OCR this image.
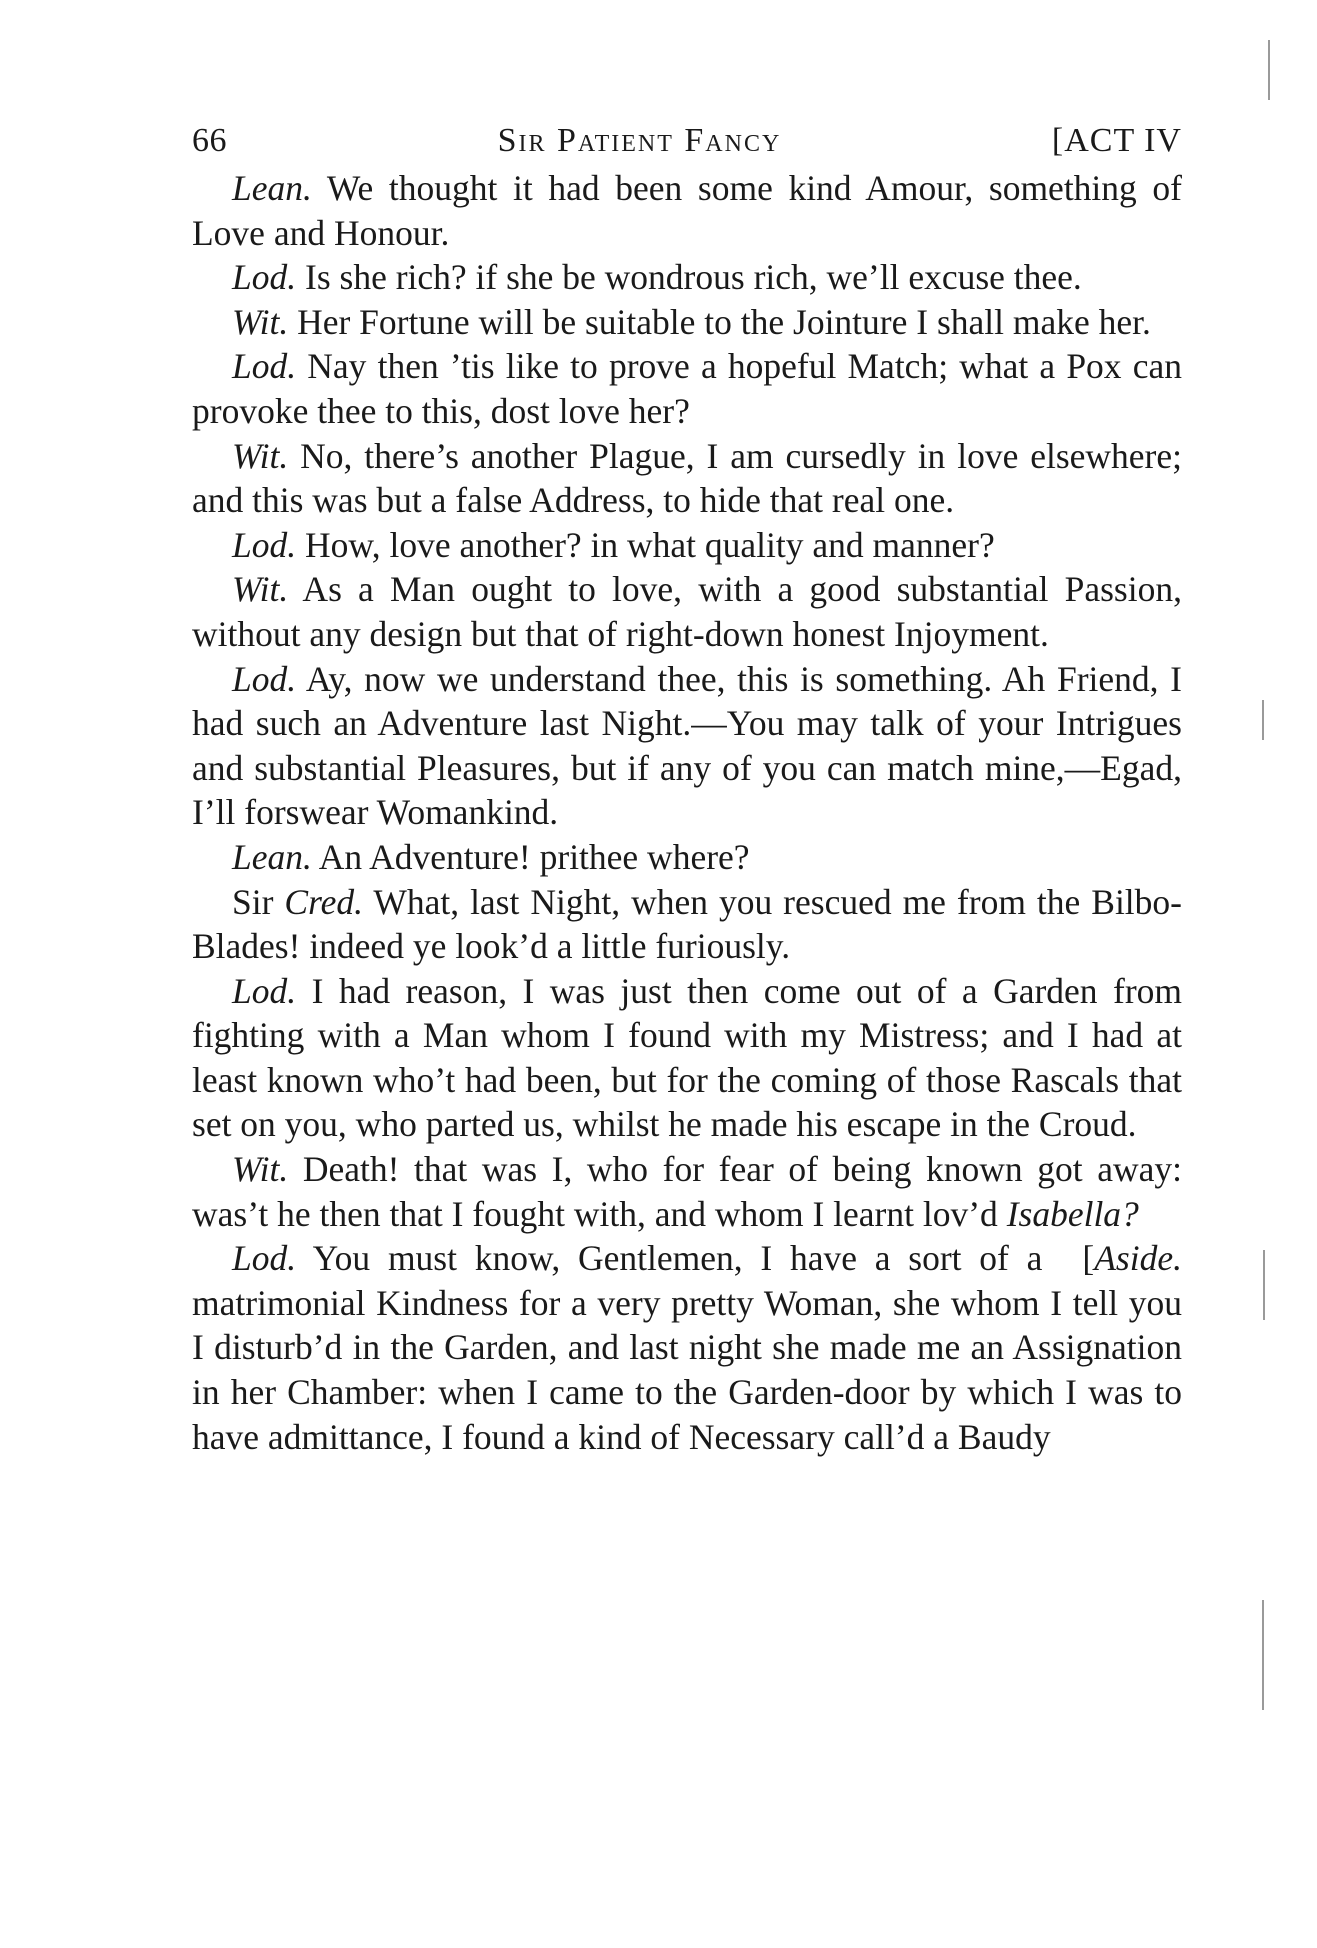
66	Sir Patient Fancy	[ACT IV

Lean. We thought it had been some kind Amour, something of Love and Honour.

Lod. Is she rich? if she be wondrous rich, we’ll excuse thee.

Wit. Her Fortune will be suitable to the Jointure I shall make her.

Lod. Nay then ’tis like to prove a hopeful Match; what a Pox can provoke thee to this, dost love her?

Wit. No, there’s another Plague, I am cursedly in love elsewhere; and this was but a false Address, to hide that real one.

Lod. How, love another? in what quality and manner?

Wit. As a Man ought to love, with a good substantial Passion, without any design but that of right-down honest Injoyment.

Lod. Ay, now we understand thee, this is something. Ah Friend, I had such an Adventure last Night.—You may talk of your Intrigues and substantial Pleasures, but if any of you can match mine,—Egad, I’ll forswear Womankind.

Lean. An Adventure! prithee where?

Sir Cred. What, last Night, when you rescued me from the Bilbo-Blades! indeed ye look’d a little furiously.

Lod. I had reason, I was just then come out of a Garden from fighting with a Man whom I found with my Mistress; and I had at least known who’t had been, but for the coming of those Rascals that set on you, who parted us, whilst he made his escape in the Croud.

Wit. Death! that was I, who for fear of being known got away: was’t he then that I fought with, and whom I learnt lov’d Isabella?
[Aside.

Lod. You must know, Gentlemen, I have a sort of a matrimonial Kindness for a very pretty Woman, she whom I tell you I disturb’d in the Garden, and last night she made me an Assignation in her Chamber: when I came to the Garden-door by which I was to have admittance, I found a kind of Necessary call’d a Baudy
